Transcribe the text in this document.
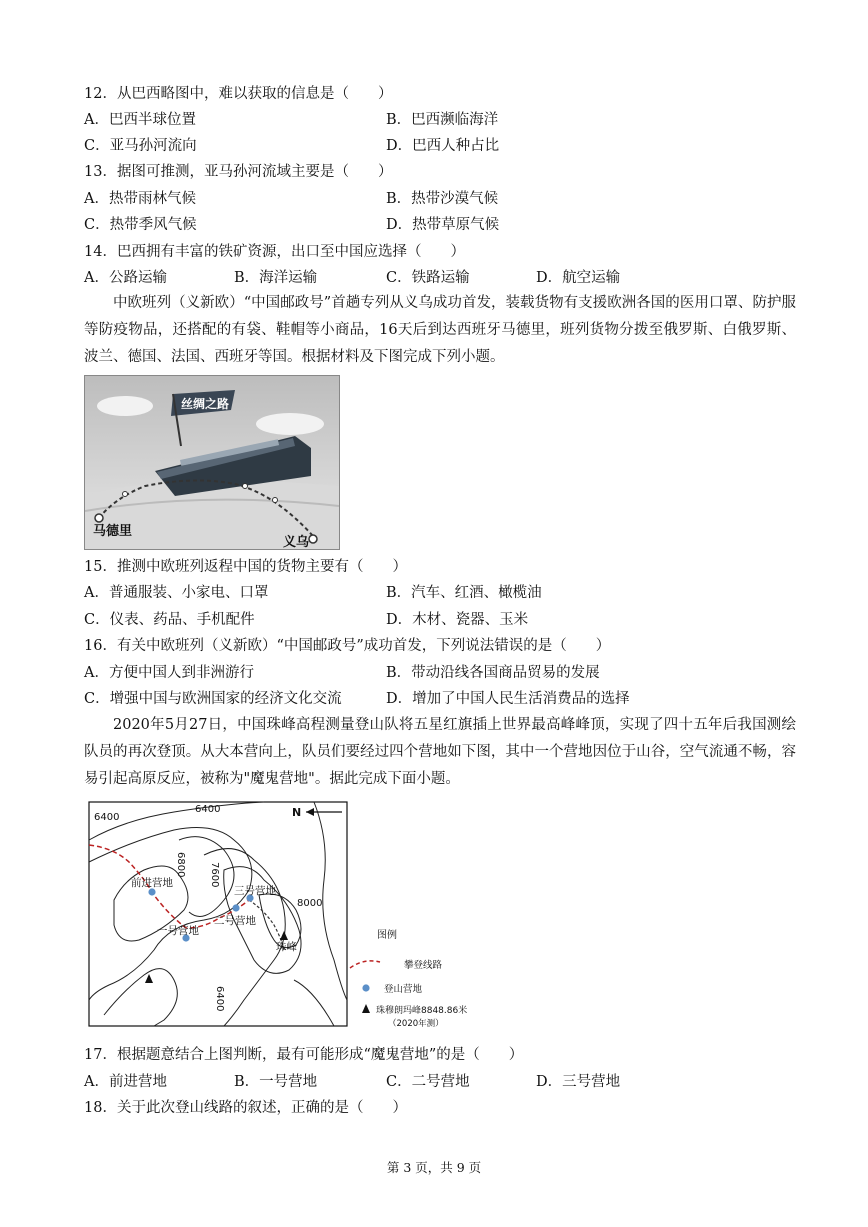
12．从巴西略图中，难以获取的信息是（　　）
A．巴西半球位置	B．巴西濒临海洋
C．亚马孙河流向	D．巴西人种占比
13．据图可推测，亚马孙河流域主要是（　　）
A．热带雨林气候	B．热带沙漠气候
C．热带季风气候	D．热带草原气候
14．巴西拥有丰富的铁矿资源，出口至中国应选择（　　）
A．公路运输	B．海洋运输	C．铁路运输	D．航空运输
中欧班列（义新欧）“中国邮政号”首趟专列从义乌成功首发，装载货物有支援欧洲各国的医用口罩、防护服等防疫物品，还搭配的有袋、鞋帽等小商品，16天后到达西班牙马德里，班列货物分拨至俄罗斯、白俄罗斯、波兰、德国、法国、西班牙等国。根据材料及下图完成下列小题。
丝绸之路
马德里
义乌
15．推测中欧班列返程中国的货物主要有（　　）
A．普通服装、小家电、口罩	B．汽车、红酒、橄榄油
C．仪表、药品、手机配件	D．木材、瓷器、玉米
16．有关中欧班列（义新欧）“中国邮政号”成功首发，下列说法错误的是（　　）
A．方便中国人到非洲游行	B．带动沿线各国商品贸易的发展
C．增强中国与欧洲国家的经济文化交流	D．增加了中国人民生活消费品的选择
2020年5月27日，中国珠峰高程测量登山队将五星红旗插上世界最高峰峰顶，实现了四十五年后我国测绘队员的再次登顶。从大本营向上，队员们要经过四个营地如下图，其中一个营地因位于山谷，空气流通不畅，容易引起高原反应，被称为"魔鬼营地"。据此完成下面小题。
N
6400
6400
6800 7600
8000
6400
前进营地
一号营地
二号营地
三号营地
珠峰
图例
攀登线路
登山营地
珠穆朗玛峰8848.86米
（2020年测）
17．根据题意结合上图判断，最有可能形成“魔鬼营地”的是（　　）
A．前进营地	B．一号营地	C．二号营地	D．三号营地
18．关于此次登山线路的叙述，正确的是（　　）
第 3 页，共 9 页
